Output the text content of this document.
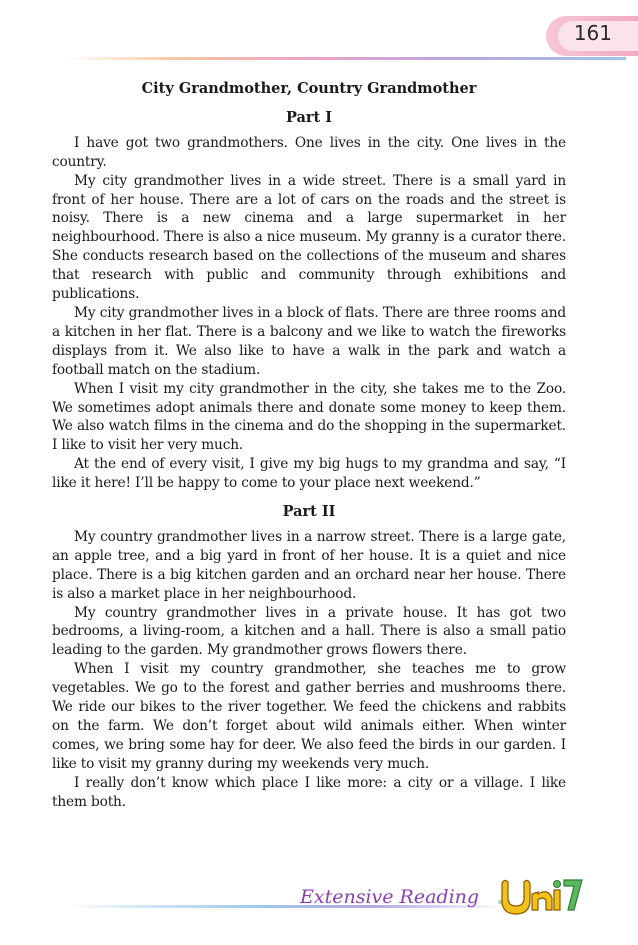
161
City Grandmother, Country Grandmother
Part I

I have got two grandmothers. One lives in the city. One lives in the country.

My city grandmother lives in a wide street. There is a small yard in front of her house. There are a lot of cars on the roads and the street is noisy. There is a new cinema and a large supermarket in her neighbourhood. There is also a nice museum. My granny is a curator there. She conducts research based on the collections of the museum and shares that research with public and community through exhibitions and publications.

My city grandmother lives in a block of flats. There are three rooms and a kitchen in her flat. There is a balcony and we like to watch the fireworks displays from it. We also like to have a walk in the park and watch a football match on the stadium.

When I visit my city grandmother in the city, she takes me to the Zoo. We sometimes adopt animals there and donate some money to keep them. We also watch films in the cinema and do the shopping in the supermarket. I like to visit her very much.

At the end of every visit, I give my big hugs to my grandma and say, “I like it here! I’ll be happy to come to your place next weekend.”

Part II

My country grandmother lives in a narrow street. There is a large gate, an apple tree, and a big yard in front of her house. It is a quiet and nice place. There is a big kitchen garden and an orchard near her house. There is also a market place in her neighbourhood.

My country grandmother lives in a private house. It has got two bedrooms, a living-room, a kitchen and a hall. There is also a small patio leading to the garden. My grandmother grows flowers there.

When I visit my country grandmother, she teaches me to grow vegetables. We go to the forest and gather berries and mushrooms there. We ride our bikes to the river together. We feed the chickens and rabbits on the farm. We don’t forget about wild animals either. When winter comes, we bring some hay for deer. We also feed the birds in our garden. I like to visit my granny during my weekends very much.

I really don’t know which place I like more: a city or a village. I like them both.

Extensive Reading
